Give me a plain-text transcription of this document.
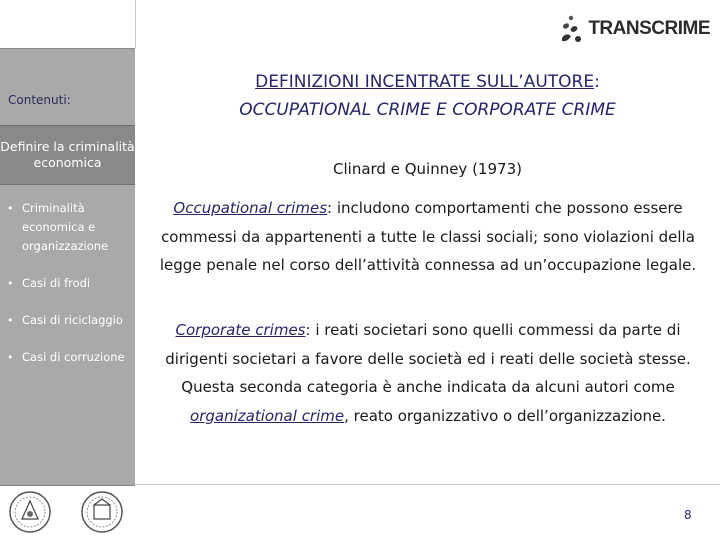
TRANSCRIME
Contenuti:
Definire la criminalità economica
• Criminalità economica e organizzazione
• Casi di frodi
• Casi di riciclaggio
• Casi di corruzione
DEFINIZIONI INCENTRATE SULL’AUTORE:
OCCUPATIONAL CRIME E CORPORATE CRIME
Clinard e Quinney (1973)

Occupational crimes: includono comportamenti che possono essere commessi da appartenenti a tutte le classi sociali; sono violazioni della legge penale nel corso dell’attività connessa ad un’occupazione legale.

Corporate crimes: i reati societari sono quelli commessi da parte di dirigenti societari a favore delle società ed i reati delle società stesse. Questa seconda categoria è anche indicata da alcuni autori come organizational crime, reato organizzativo o dell’organizzazione.

8
